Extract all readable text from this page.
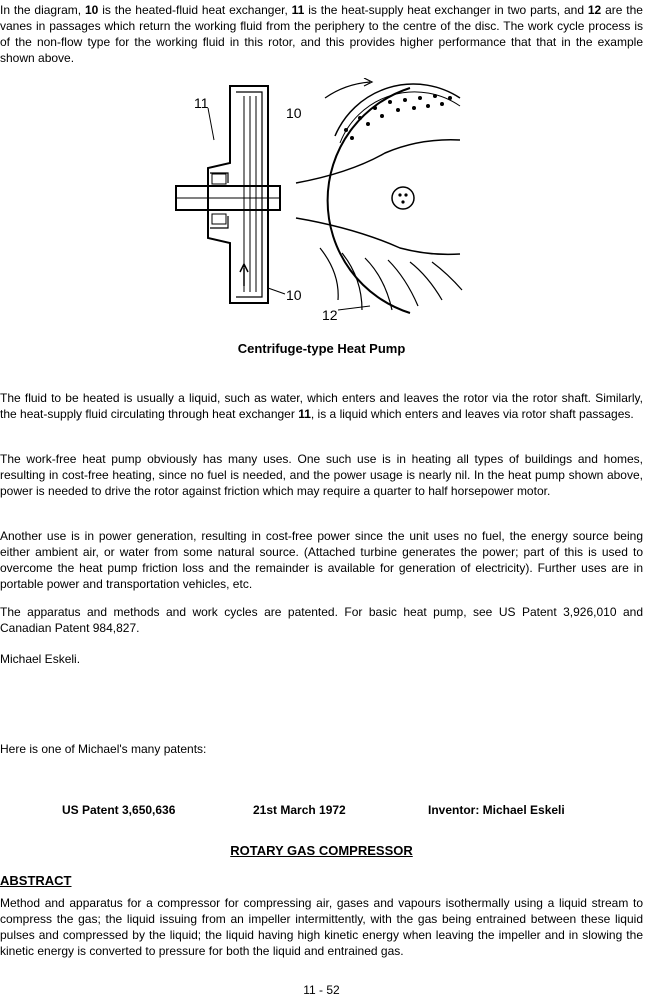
In the diagram, 10 is the heated-fluid heat exchanger, 11 is the heat-supply heat exchanger in two parts, and 12 are the vanes in passages which return the working fluid from the periphery to the centre of the disc. The work cycle process is of the non-flow type for the working fluid in this rotor, and this provides higher performance that that in the example shown above.

11
10
10
12
Centrifuge-type Heat Pump

The fluid to be heated is usually a liquid, such as water, which enters and leaves the rotor via the rotor shaft. Similarly, the heat-supply fluid circulating through heat exchanger 11, is a liquid which enters and leaves via rotor shaft passages.

The work-free heat pump obviously has many uses. One such use is in heating all types of buildings and homes, resulting in cost-free heating, since no fuel is needed, and the power usage is nearly nil. In the heat pump shown above, power is needed to drive the rotor against friction which may require a quarter to half horsepower motor.

Another use is in power generation, resulting in cost-free power since the unit uses no fuel, the energy source being either ambient air, or water from some natural source. (Attached turbine generates the power; part of this is used to overcome the heat pump friction loss and the remainder is available for generation of electricity). Further uses are in portable power and transportation vehicles, etc.

The apparatus and methods and work cycles are patented. For basic heat pump, see US Patent 3,926,010 and Canadian Patent 984,827.

Michael Eskeli.

Here is one of Michael's many patents:

US Patent 3,650,636	21st March 1972	Inventor: Michael Eskeli
ROTARY GAS COMPRESSOR
ABSTRACT

Method and apparatus for a compressor for compressing air, gases and vapours isothermally using a liquid stream to compress the gas; the liquid issuing from an impeller intermittently, with the gas being entrained between these liquid pulses and compressed by the liquid; the liquid having high kinetic energy when leaving the impeller and in slowing the kinetic energy is converted to pressure for both the liquid and entrained gas.

11 - 52
